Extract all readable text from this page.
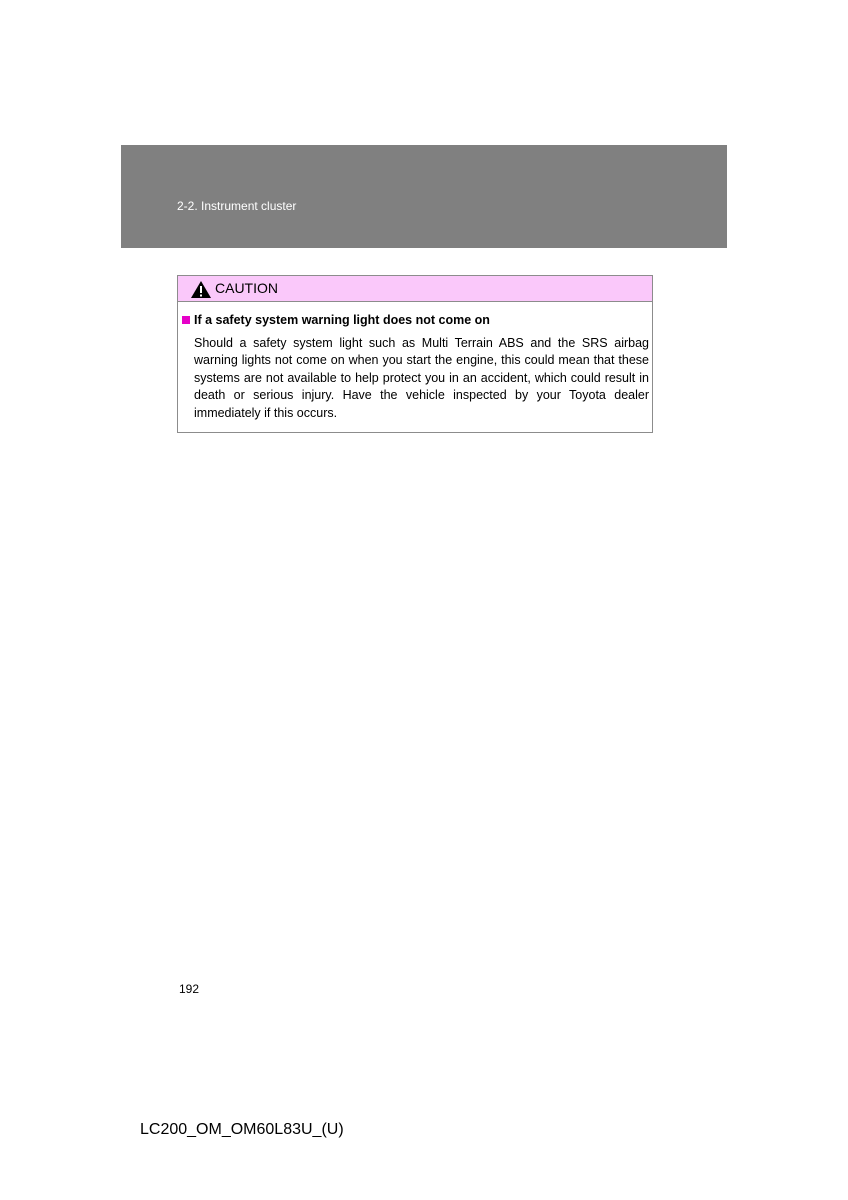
2-2. Instrument cluster
CAUTION
If a safety system warning light does not come on
Should a safety system light such as Multi Terrain ABS and the SRS airbag warning lights not come on when you start the engine, this could mean that these systems are not available to help protect you in an accident, which could result in death or serious injury. Have the vehicle inspected by your Toyota dealer immediately if this occurs.
192
LC200_OM_OM60L83U_(U)
